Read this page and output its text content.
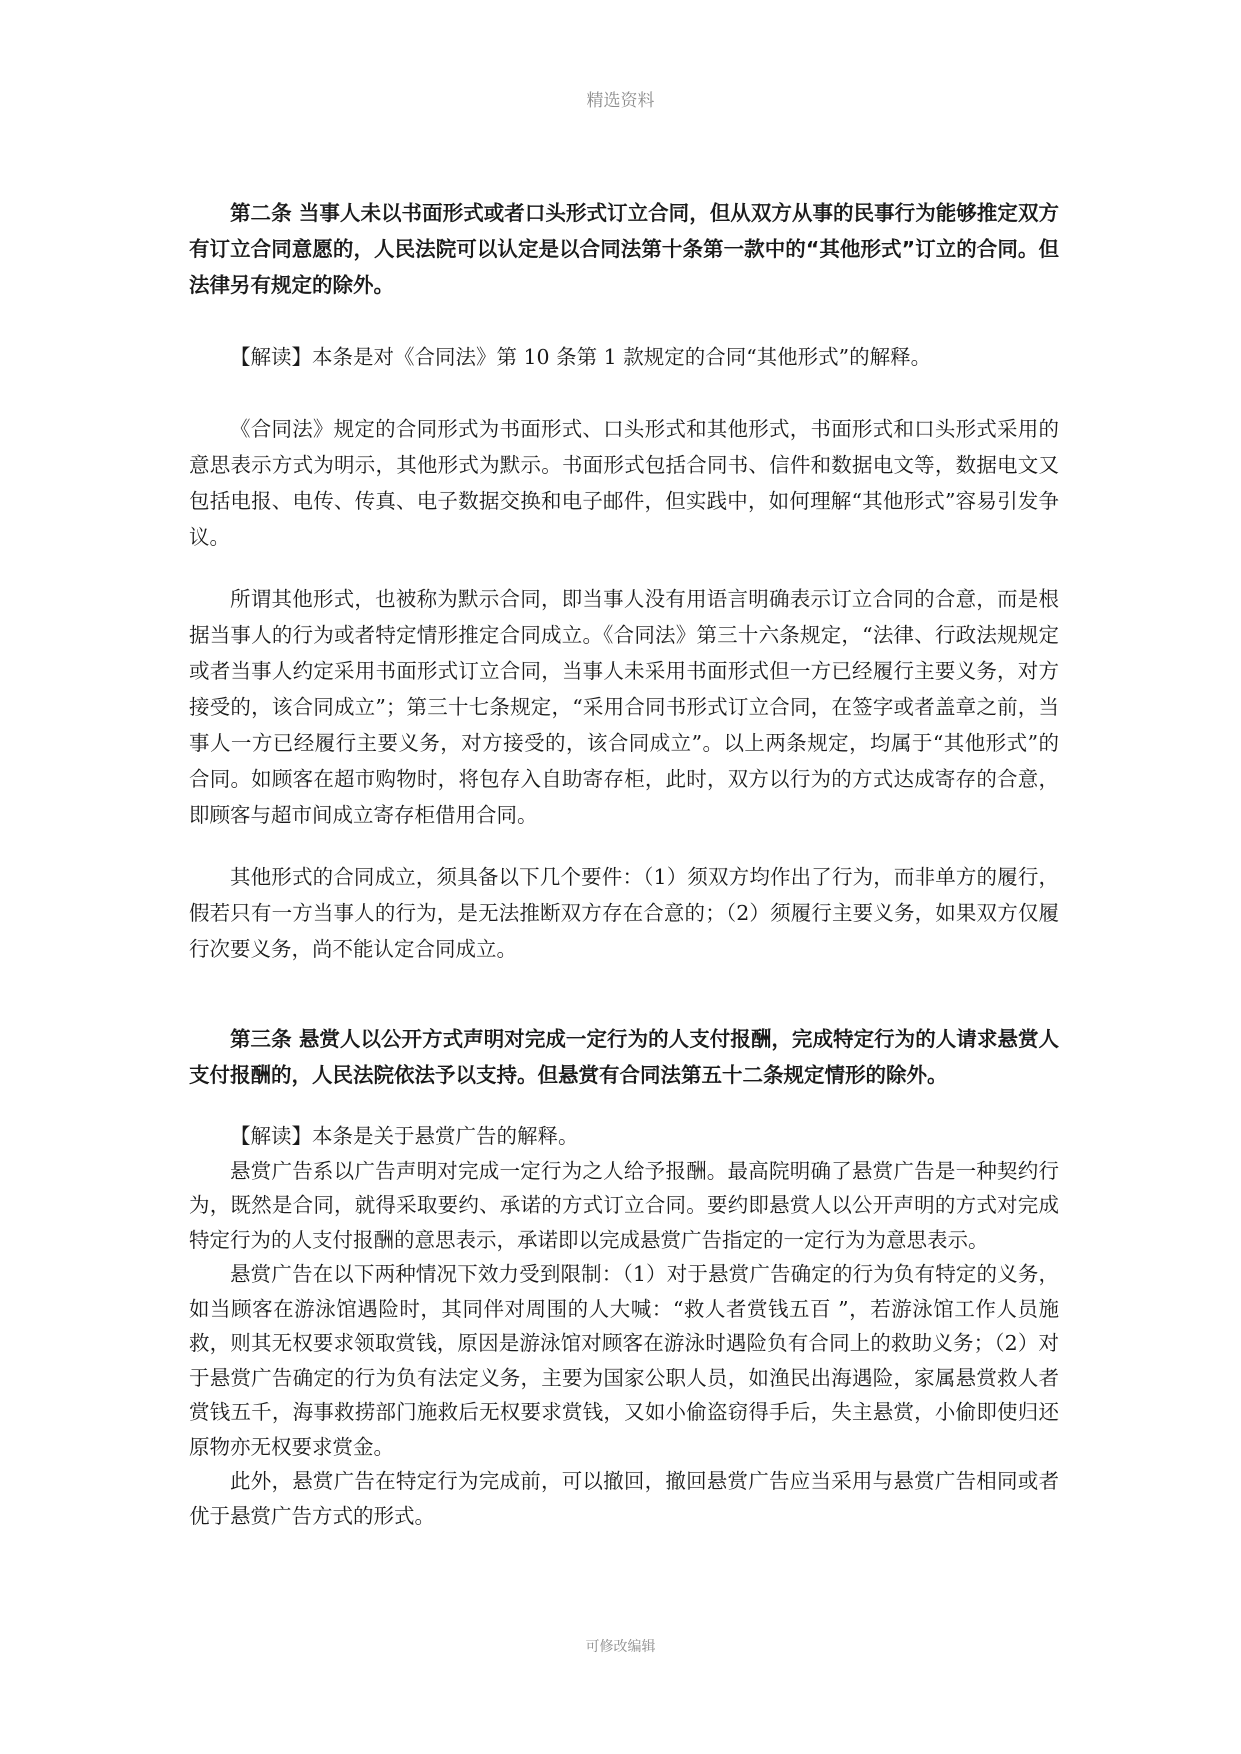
精选资料

第二条 当事人未以书面形式或者口头形式订立合同，但从双方从事的民事行为能够推定双方有订立合同意愿的，人民法院可以认定是以合同法第十条第一款中的“其他形式”订立的合同。但法律另有规定的除外。

【解读】本条是对《合同法》第 10 条第 1 款规定的合同“其他形式”的解释。

《合同法》规定的合同形式为书面形式、口头形式和其他形式，书面形式和口头形式采用的意思表示方式为明示，其他形式为默示。书面形式包括合同书、信件和数据电文等，数据电文又包括电报、电传、传真、电子数据交换和电子邮件，但实践中，如何理解“其他形式”容易引发争议。

所谓其他形式，也被称为默示合同，即当事人没有用语言明确表示订立合同的合意，而是根据当事人的行为或者特定情形推定合同成立。《合同法》第三十六条规定，“法律、行政法规规定或者当事人约定采用书面形式订立合同，当事人未采用书面形式但一方已经履行主要义务，对方接受的，该合同成立”；第三十七条规定，“采用合同书形式订立合同，在签字或者盖章之前，当事人一方已经履行主要义务，对方接受的，该合同成立”。以上两条规定，均属于“其他形式”的合同。如顾客在超市购物时，将包存入自助寄存柜，此时，双方以行为的方式达成寄存的合意，即顾客与超市间成立寄存柜借用合同。

其他形式的合同成立，须具备以下几个要件：（1）须双方均作出了行为，而非单方的履行，假若只有一方当事人的行为，是无法推断双方存在合意的；（2）须履行主要义务，如果双方仅履行次要义务，尚不能认定合同成立。

第三条 悬赏人以公开方式声明对完成一定行为的人支付报酬，完成特定行为的人请求悬赏人支付报酬的，人民法院依法予以支持。但悬赏有合同法第五十二条规定情形的除外。

【解读】本条是关于悬赏广告的解释。

悬赏广告系以广告声明对完成一定行为之人给予报酬。最高院明确了悬赏广告是一种契约行为，既然是合同，就得采取要约、承诺的方式订立合同。要约即悬赏人以公开声明的方式对完成特定行为的人支付报酬的意思表示，承诺即以完成悬赏广告指定的一定行为为意思表示。

悬赏广告在以下两种情况下效力受到限制：（1）对于悬赏广告确定的行为负有特定的义务，如当顾客在游泳馆遇险时，其同伴对周围的人大喊：“救人者赏钱五百 ”，若游泳馆工作人员施救，则其无权要求领取赏钱，原因是游泳馆对顾客在游泳时遇险负有合同上的救助义务；（2）对于悬赏广告确定的行为负有法定义务，主要为国家公职人员，如渔民出海遇险，家属悬赏救人者赏钱五千，海事救捞部门施救后无权要求赏钱，又如小偷盗窃得手后，失主悬赏，小偷即使归还原物亦无权要求赏金。

此外，悬赏广告在特定行为完成前，可以撤回，撤回悬赏广告应当采用与悬赏广告相同或者优于悬赏广告方式的形式。

可修改编辑
